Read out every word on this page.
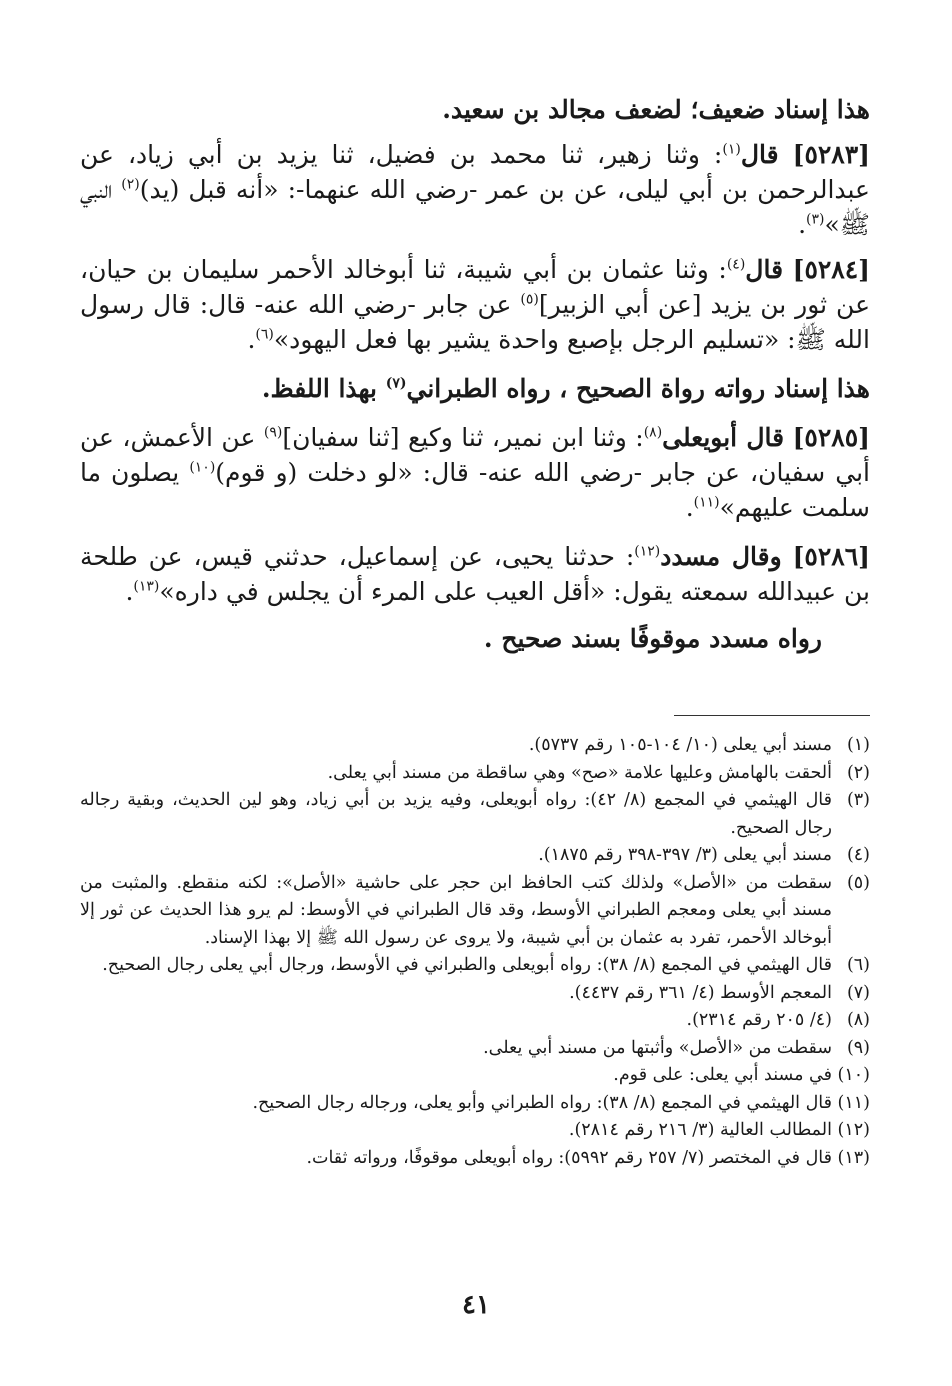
هذا إسناد ضعيف؛ لضعف مجالد بن سعيد.

[٥٢٨٣] قال$^{(١)}$: وثنا زهير، ثنا محمد بن فضيل، ثنا يزيد بن أبي زياد، عن عبدالرحمن بن أبي ليلى، عن بن عمر -رضي الله عنهما-: «أنه قبل (يد)$^{(٢)}$ النبي ﷺ»$^{(٣)}$.

[٥٢٨٤] قال$^{(٤)}$: وثنا عثمان بن أبي شيبة، ثنا أبوخالد الأحمر سليمان بن حيان، عن ثور بن يزيد [عن أبي الزبير]$^{(٥)}$ عن جابر -رضي الله عنه- قال: قال رسول الله ﷺ: «تسليم الرجل بإصبع واحدة يشير بها فعل اليهود»$^{(٦)}$.

هذا إسناد رواته رواة الصحيح ، رواه الطبراني$^{(٧)}$ بهذا اللفظ.

[٥٢٨٥] قال أبويعلى$^{(٨)}$: وثنا ابن نمير، ثنا وكيع [ثنا سفيان]$^{(٩)}$ عن الأعمش، عن أبي سفيان، عن جابر -رضي الله عنه- قال: «لو دخلت (و قوم)$^{(١٠)}$ يصلون ما سلمت عليهم»$^{(١١)}$.

[٥٢٨٦] وقال مسدد$^{(١٢)}$: حدثنا يحيى، عن إسماعيل، حدثني قيس، عن طلحة بن عبيدالله سمعته يقول: «أقل العيب على المرء أن يجلس في داره»$^{(١٣)}$.

رواه مسدد موقوفًا بسند صحيح .

(١)
مسند أبي يعلى (١٠/ ١٠٤-١٠٥ رقم ٥٧٣٧).
(٢)
ألحقت بالهامش وعليها علامة «صح» وهي ساقطة من مسند أبي يعلى.
(٣)
قال الهيثمي في المجمع (٨/ ٤٢): رواه أبويعلى، وفيه يزيد بن أبي زياد، وهو لين الحديث، وبقية رجاله رجال الصحيح.
(٤)
مسند أبي يعلى (٣/ ٣٩٧-٣٩٨ رقم ١٨٧٥).
(٥)
سقطت من «الأصل» ولذلك كتب الحافظ ابن حجر على حاشية «الأصل»: لكنه منقطع. والمثبت من مسند أبي يعلى ومعجم الطبراني الأوسط، وقد قال الطبراني في الأوسط: لم يرو هذا الحديث عن ثور إلا أبوخالد الأحمر، تفرد به عثمان بن أبي شيبة، ولا يروى عن رسول الله ﷺ إلا بهذا الإسناد.
(٦)
قال الهيثمي في المجمع (٨/ ٣٨): رواه أبويعلى والطبراني في الأوسط، ورجال أبي يعلى رجال الصحيح.
(٧)
المعجم الأوسط (٤/ ٣٦١ رقم ٤٤٣٧).
(٨)
(٤/ ٢٠٥ رقم ٢٣١٤).
(٩)
سقطت من «الأصل» وأثبتها من مسند أبي يعلى.
(١٠)
في مسند أبي يعلى: على قوم.
(١١)
قال الهيثمي في المجمع (٨/ ٣٨): رواه الطبراني وأبو يعلى، ورجاله رجال الصحيح.
(١٢)
المطالب العالية (٣/ ٢١٦ رقم ٢٨١٤).
(١٣)
قال في المختصر (٧/ ٢٥٧ رقم ٥٩٩٢): رواه أبويعلى موقوفًا، ورواته ثقات.
٤١
